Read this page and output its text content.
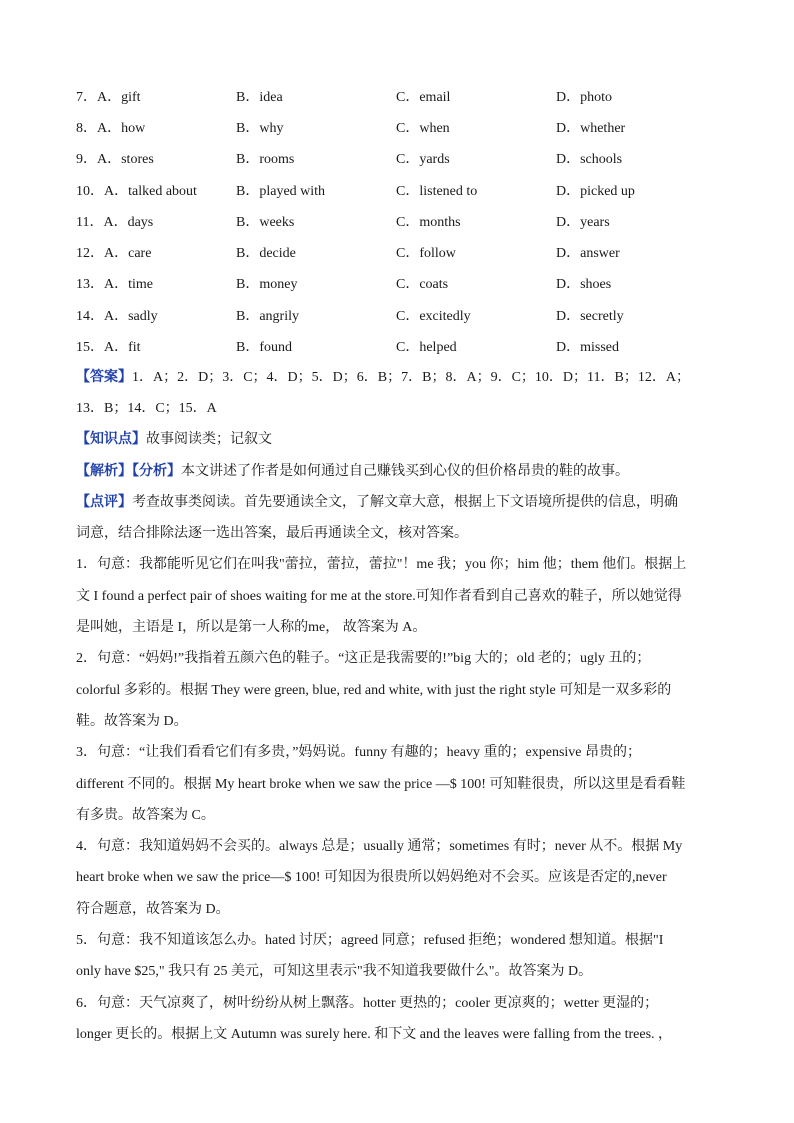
7．A．gift	B．idea	C．email	D．photo
8．A．how	B．why	C．when	D．whether
9．A．stores	B．rooms	C．yards	D．schools
10．A．talked about	B．played with	C．listened to	D．picked up
11．A．days	B．weeks	C．months	D．years
12．A．care	B．decide	C．follow	D．answer
13．A．time	B．money	C．coats	D．shoes
14．A．sadly	B．angrily	C．excitedly	D．secretly
15．A．fit	B．found	C．helped	D．missed
【答案】1．A；2．D；3．C；4．D；5．D；6．B；7．B；8．A；9．C；10．D；11．B；12．A；
13．B；14．C；15．A
【知识点】故事阅读类；记叙文
【解析】【分析】本文讲述了作者是如何通过自己赚钱买到心仪的但价格昂贵的鞋的故事。
【点评】考查故事类阅读。首先要通读全文，了解文章大意，根据上下文语境所提供的信息，明确
词意，结合排除法逐一选出答案，最后再通读全文，核对答案。
1．句意：我都能听见它们在叫我"蕾拉，蕾拉，蕾拉"！me 我；you 你；him 他；them 他们。根据上
文 I found a perfect pair of shoes waiting for me at the store.可知作者看到自己喜欢的鞋子，所以她觉得
是叫她，主语是 I，所以是第一人称的me， 故答案为 A。
2．句意：“妈妈!”我指着五颜六色的鞋子。“这正是我需要的!”big 大的；old 老的；ugly 丑的；
colorful 多彩的。根据 They were green, blue, red and white, with just the right style 可知是一双多彩的
鞋。故答案为 D。
3．句意：“让我们看看它们有多贵，”妈妈说。funny 有趣的；heavy 重的；expensive 昂贵的；
different 不同的。根据 My heart broke when we saw the price —$ 100! 可知鞋很贵，所以这里是看看鞋
有多贵。故答案为 C。
4．句意：我知道妈妈不会买的。always 总是；usually 通常；sometimes 有时；never 从不。根据 My
heart broke when we saw the price—$ 100! 可知因为很贵所以妈妈绝对不会买。应该是否定的,never
符合题意，故答案为 D。
5．句意：我不知道该怎么办。hated 讨厌；agreed 同意；refused 拒绝；wondered 想知道。根据"I
only have $25," 我只有 25 美元，可知这里表示"我不知道我要做什么"。故答案为 D。
6．句意：天气凉爽了，树叶纷纷从树上飘落。hotter 更热的；cooler 更凉爽的；wetter 更湿的；
longer 更长的。根据上文 Autumn was surely here. 和下文 and the leaves were falling from the trees. ，
